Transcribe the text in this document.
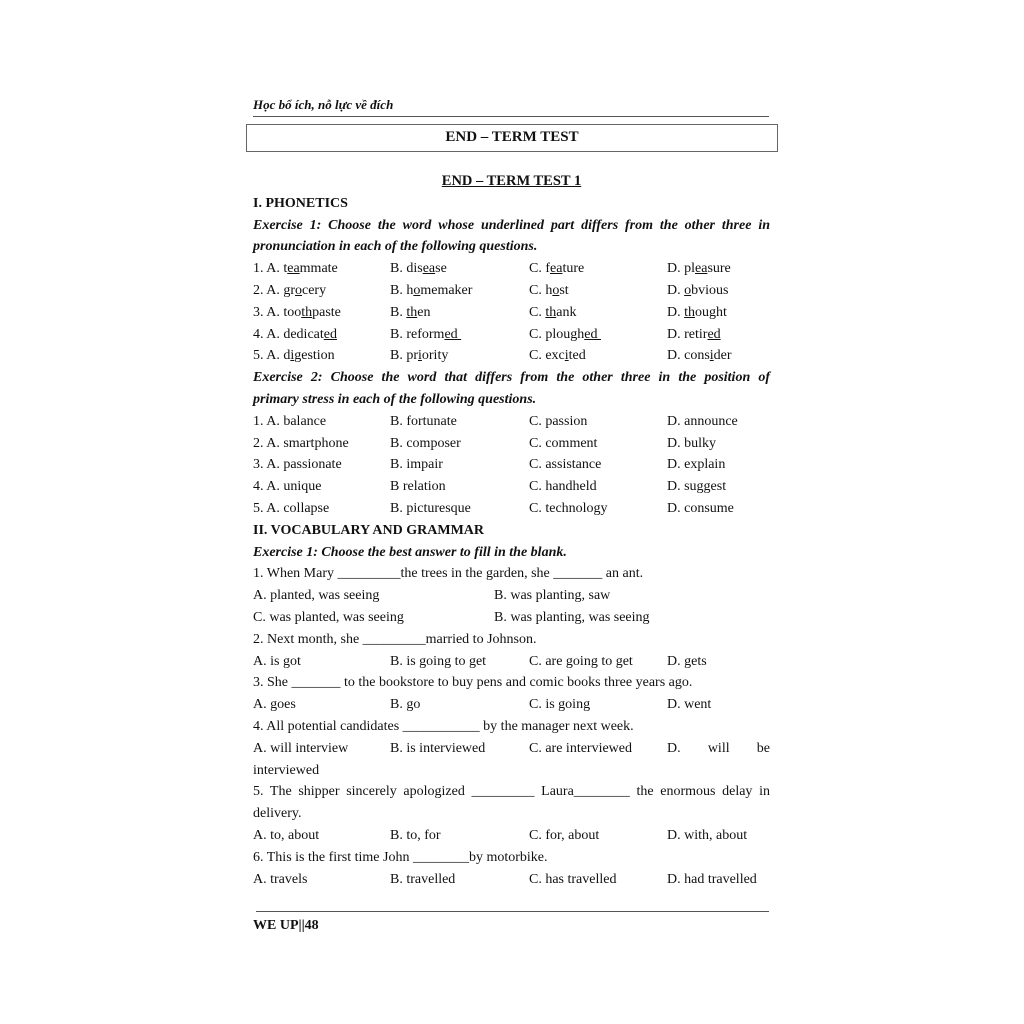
Học bổ ích, nỗ lực về đích
END – TERM TEST
END – TERM TEST 1
I. PHONETICS
Exercise 1: Choose the word whose underlined part differs from the other three in
pronunciation in each of the following questions.
1. A. teammate	B. disease	C. feature	D. pleasure
2. A. grocery	B. homemaker	C. host	D. obvious
3. A. toothpaste	B. then	C. thank	D. thought
4. A. dedicated	B. reformed	C. ploughed	D. retired
5. A. digestion	B. priority	C. excited	D. consider
Exercise 2: Choose the word that differs from the other three in the position of
primary stress in each of the following questions.
1. A. balance	B. fortunate	C. passion	D. announce
2. A. smartphone	B. composer	C. comment	D. bulky
3. A. passionate	B. impair	C. assistance	D. explain
4. A. unique	B relation	C. handheld	D. suggest
5. A. collapse	B. picturesque	C. technology	D. consume
II. VOCABULARY AND GRAMMAR
Exercise 1: Choose the best answer to fill in the blank.
1. When Mary _________the trees in the garden, she _______ an ant.
A. planted, was seeing	B. was planting, saw
C. was planted, was seeing	B. was planting, was seeing
2. Next month, she _________married to Johnson.
A. is got	B. is going to get	C. are going to get	D. gets
3. She _______ to the bookstore to buy pens and comic books three years ago.
A. goes	B. go	C. is going	D. went
4. All potential candidates ___________ by the manager next week.
A. will interview	B. is interviewed	C. are interviewed	D. will be
interviewed
5. The shipper sincerely apologized _________ Laura________ the enormous delay in
delivery.
A. to, about	B. to, for	C. for, about	D. with, about
6. This is the first time John ________by motorbike.
A. travels	B. travelled	C. has travelled	D. had travelled
WE UP||48
